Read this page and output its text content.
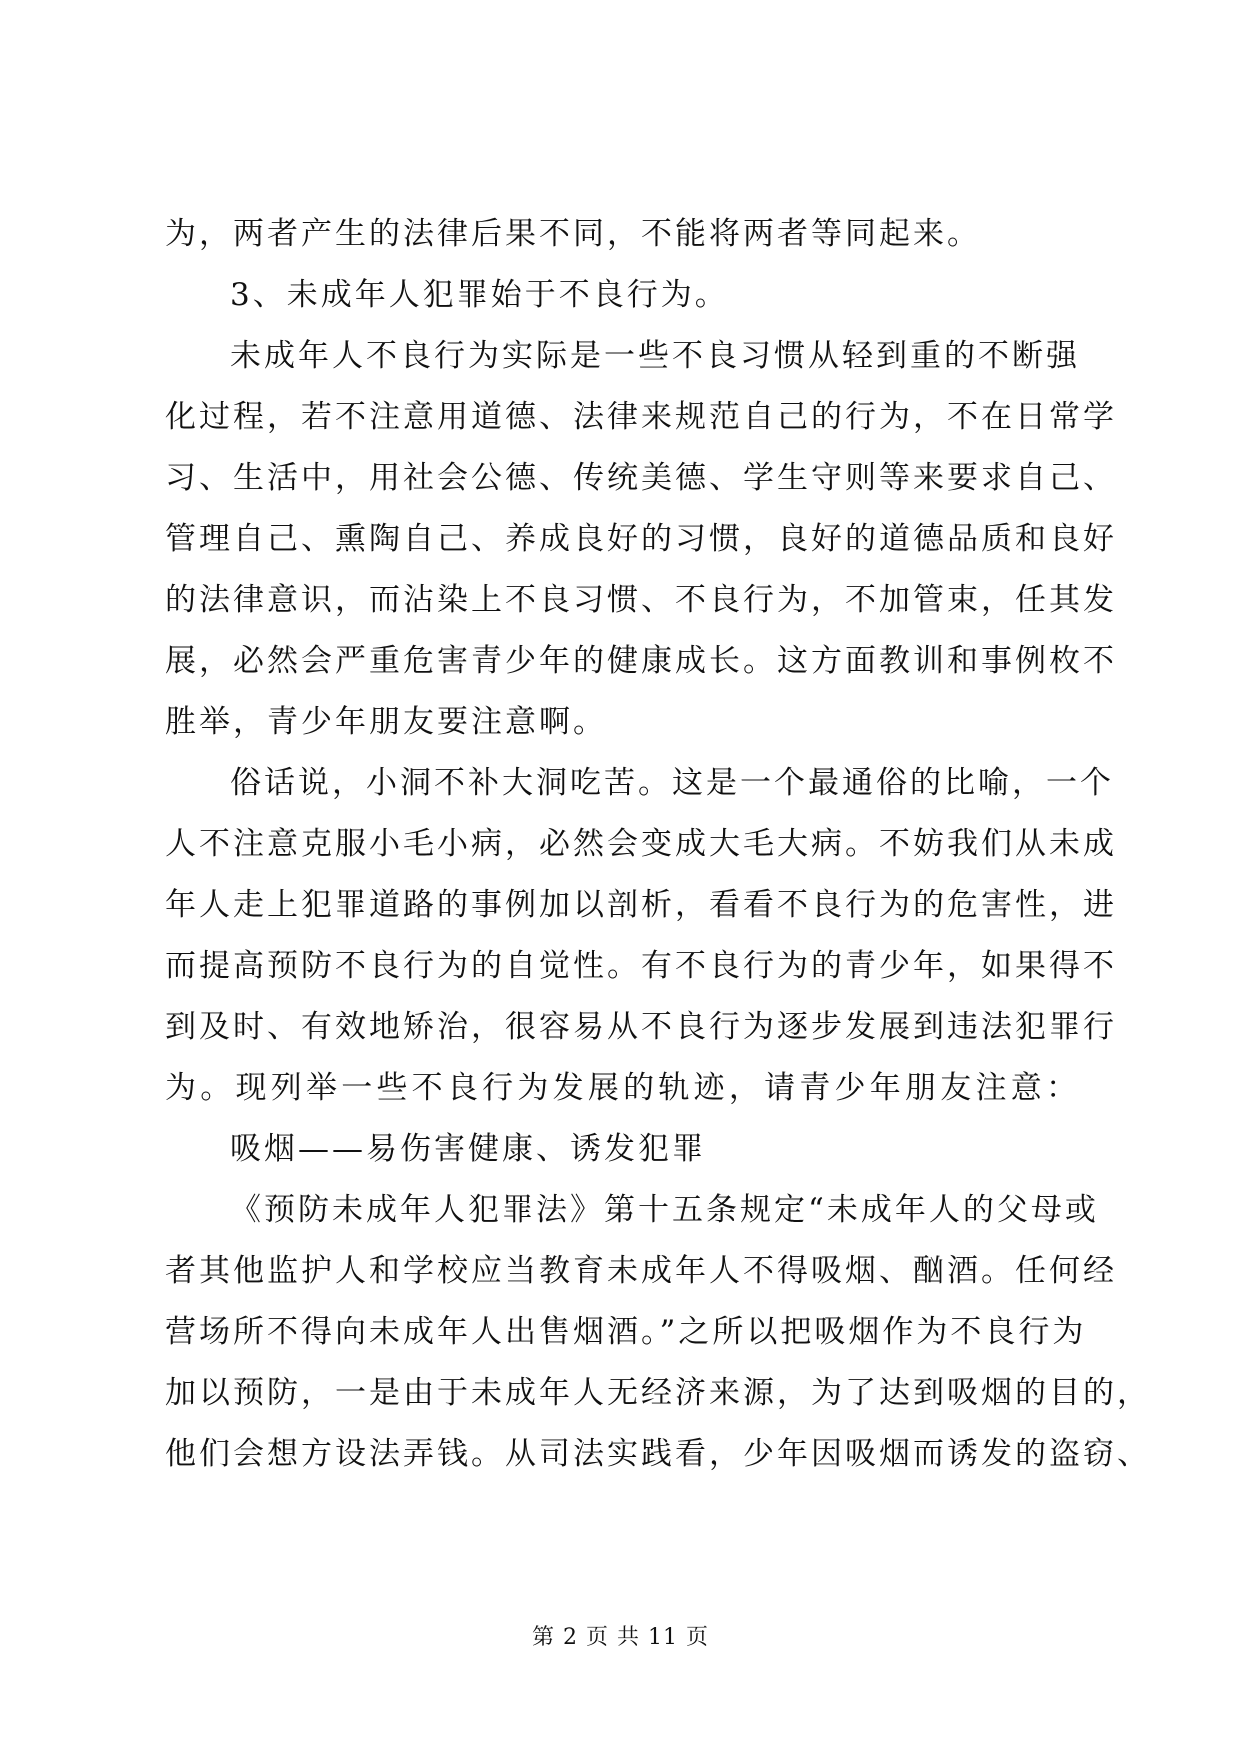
为，两者产生的法律后果不同，不能将两者等同起来。
3、未成年人犯罪始于不良行为。
未成年人不良行为实际是一些不良习惯从轻到重的不断强
化过程，若不注意用道德、法律来规范自己的行为，不在日常学
习、生活中，用社会公德、传统美德、学生守则等来要求自己、
管理自己、熏陶自己、养成良好的习惯，良好的道德品质和良好
的法律意识，而沾染上不良习惯、不良行为，不加管束，任其发
展，必然会严重危害青少年的健康成长。这方面教训和事例枚不
胜举，青少年朋友要注意啊。
俗话说，小洞不补大洞吃苦。这是一个最通俗的比喻，一个
人不注意克服小毛小病，必然会变成大毛大病。不妨我们从未成
年人走上犯罪道路的事例加以剖析，看看不良行为的危害性，进
而提高预防不良行为的自觉性。有不良行为的青少年，如果得不
到及时、有效地矫治，很容易从不良行为逐步发展到违法犯罪行
为。现列举一些不良行为发展的轨迹，请青少年朋友注意：
吸烟——易伤害健康、诱发犯罪
《预防未成年人犯罪法》第十五条规定“未成年人的父母或
者其他监护人和学校应当教育未成年人不得吸烟、酗酒。任何经
营场所不得向未成年人出售烟酒。”之所以把吸烟作为不良行为
加以预防，一是由于未成年人无经济来源，为了达到吸烟的目的，
他们会想方设法弄钱。从司法实践看，少年因吸烟而诱发的盗窃、
第 2 页 共 11 页
